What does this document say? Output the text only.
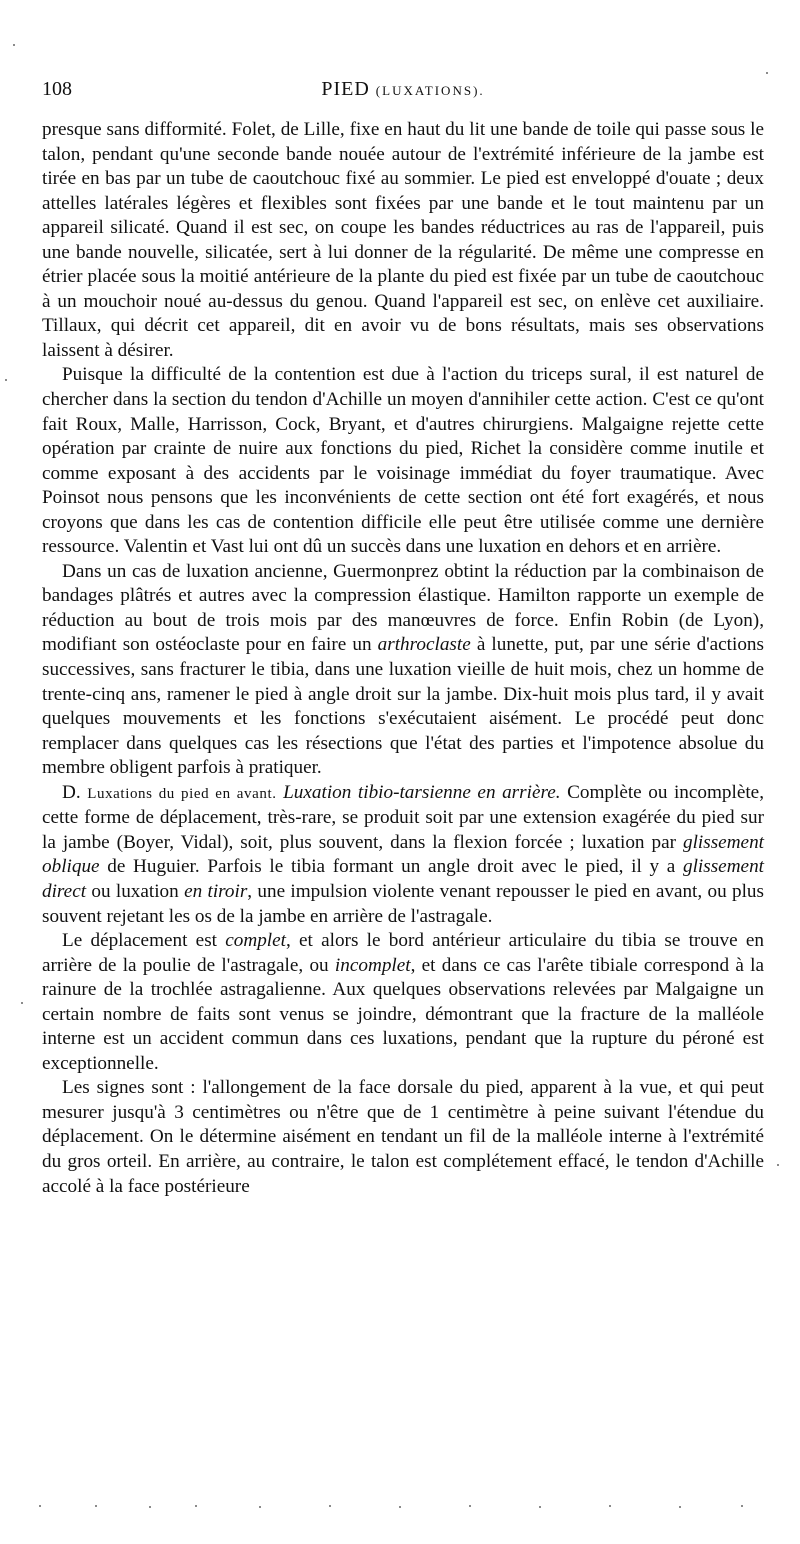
108	PIED (LUXATIONS).

presque sans difformité. Folet, de Lille, fixe en haut du lit une bande de toile qui passe sous le talon, pendant qu'une seconde bande nouée autour de l'extrémité inférieure de la jambe est tirée en bas par un tube de caoutchouc fixé au sommier. Le pied est enveloppé d'ouate ; deux attelles latérales légères et flexibles sont fixées par une bande et le tout maintenu par un appareil silicaté. Quand il est sec, on coupe les bandes réductrices au ras de l'appareil, puis une bande nouvelle, silicatée, sert à lui donner de la régularité. De même une compresse en étrier placée sous la moitié antérieure de la plante du pied est fixée par un tube de caoutchouc à un mouchoir noué au-dessus du genou. Quand l'appareil est sec, on enlève cet auxiliaire. Tillaux, qui décrit cet appareil, dit en avoir vu de bons résultats, mais ses observations laissent à désirer.

Puisque la difficulté de la contention est due à l'action du triceps sural, il est naturel de chercher dans la section du tendon d'Achille un moyen d'annihiler cette action. C'est ce qu'ont fait Roux, Malle, Harrisson, Cock, Bryant, et d'autres chirurgiens. Malgaigne rejette cette opération par crainte de nuire aux fonctions du pied, Richet la considère comme inutile et comme exposant à des accidents par le voisinage immédiat du foyer traumatique. Avec Poinsot nous pensons que les inconvénients de cette section ont été fort exagérés, et nous croyons que dans les cas de contention difficile elle peut être utilisée comme une dernière ressource. Valentin et Vast lui ont dû un succès dans une luxation en dehors et en arrière.

Dans un cas de luxation ancienne, Guermonprez obtint la réduction par la combinaison de bandages plâtrés et autres avec la compression élastique. Hamilton rapporte un exemple de réduction au bout de trois mois par des manœuvres de force. Enfin Robin (de Lyon), modifiant son ostéoclaste pour en faire un arthroclaste à lunette, put, par une série d'actions successives, sans fracturer le tibia, dans une luxation vieille de huit mois, chez un homme de trente-cinq ans, ramener le pied à angle droit sur la jambe. Dix-huit mois plus tard, il y avait quelques mouvements et les fonctions s'exécutaient aisément. Le procédé peut donc remplacer dans quelques cas les résections que l'état des parties et l'impotence absolue du membre obligent parfois à pratiquer.

D. Luxations du pied en avant. Luxation tibio-tarsienne en arrière. Complète ou incomplète, cette forme de déplacement, très-rare, se produit soit par une extension exagérée du pied sur la jambe (Boyer, Vidal), soit, plus souvent, dans la flexion forcée ; luxation par glissement oblique de Huguier. Parfois le tibia formant un angle droit avec le pied, il y a glissement direct ou luxation en tiroir, une impulsion violente venant repousser le pied en avant, ou plus souvent rejetant les os de la jambe en arrière de l'astragale.

Le déplacement est complet, et alors le bord antérieur articulaire du tibia se trouve en arrière de la poulie de l'astragale, ou incomplet, et dans ce cas l'arête tibiale correspond à la rainure de la trochlée astragalienne. Aux quelques observations relevées par Malgaigne un certain nombre de faits sont venus se joindre, démontrant que la fracture de la malléole interne est un accident commun dans ces luxations, pendant que la rupture du péroné est exceptionnelle.

Les signes sont : l'allongement de la face dorsale du pied, apparent à la vue, et qui peut mesurer jusqu'à 3 centimètres ou n'être que de 1 centimètre à peine suivant l'étendue du déplacement. On le détermine aisément en tendant un fil de la malléole interne à l'extrémité du gros orteil. En arrière, au contraire, le talon est complétement effacé, le tendon d'Achille accolé à la face postérieure
